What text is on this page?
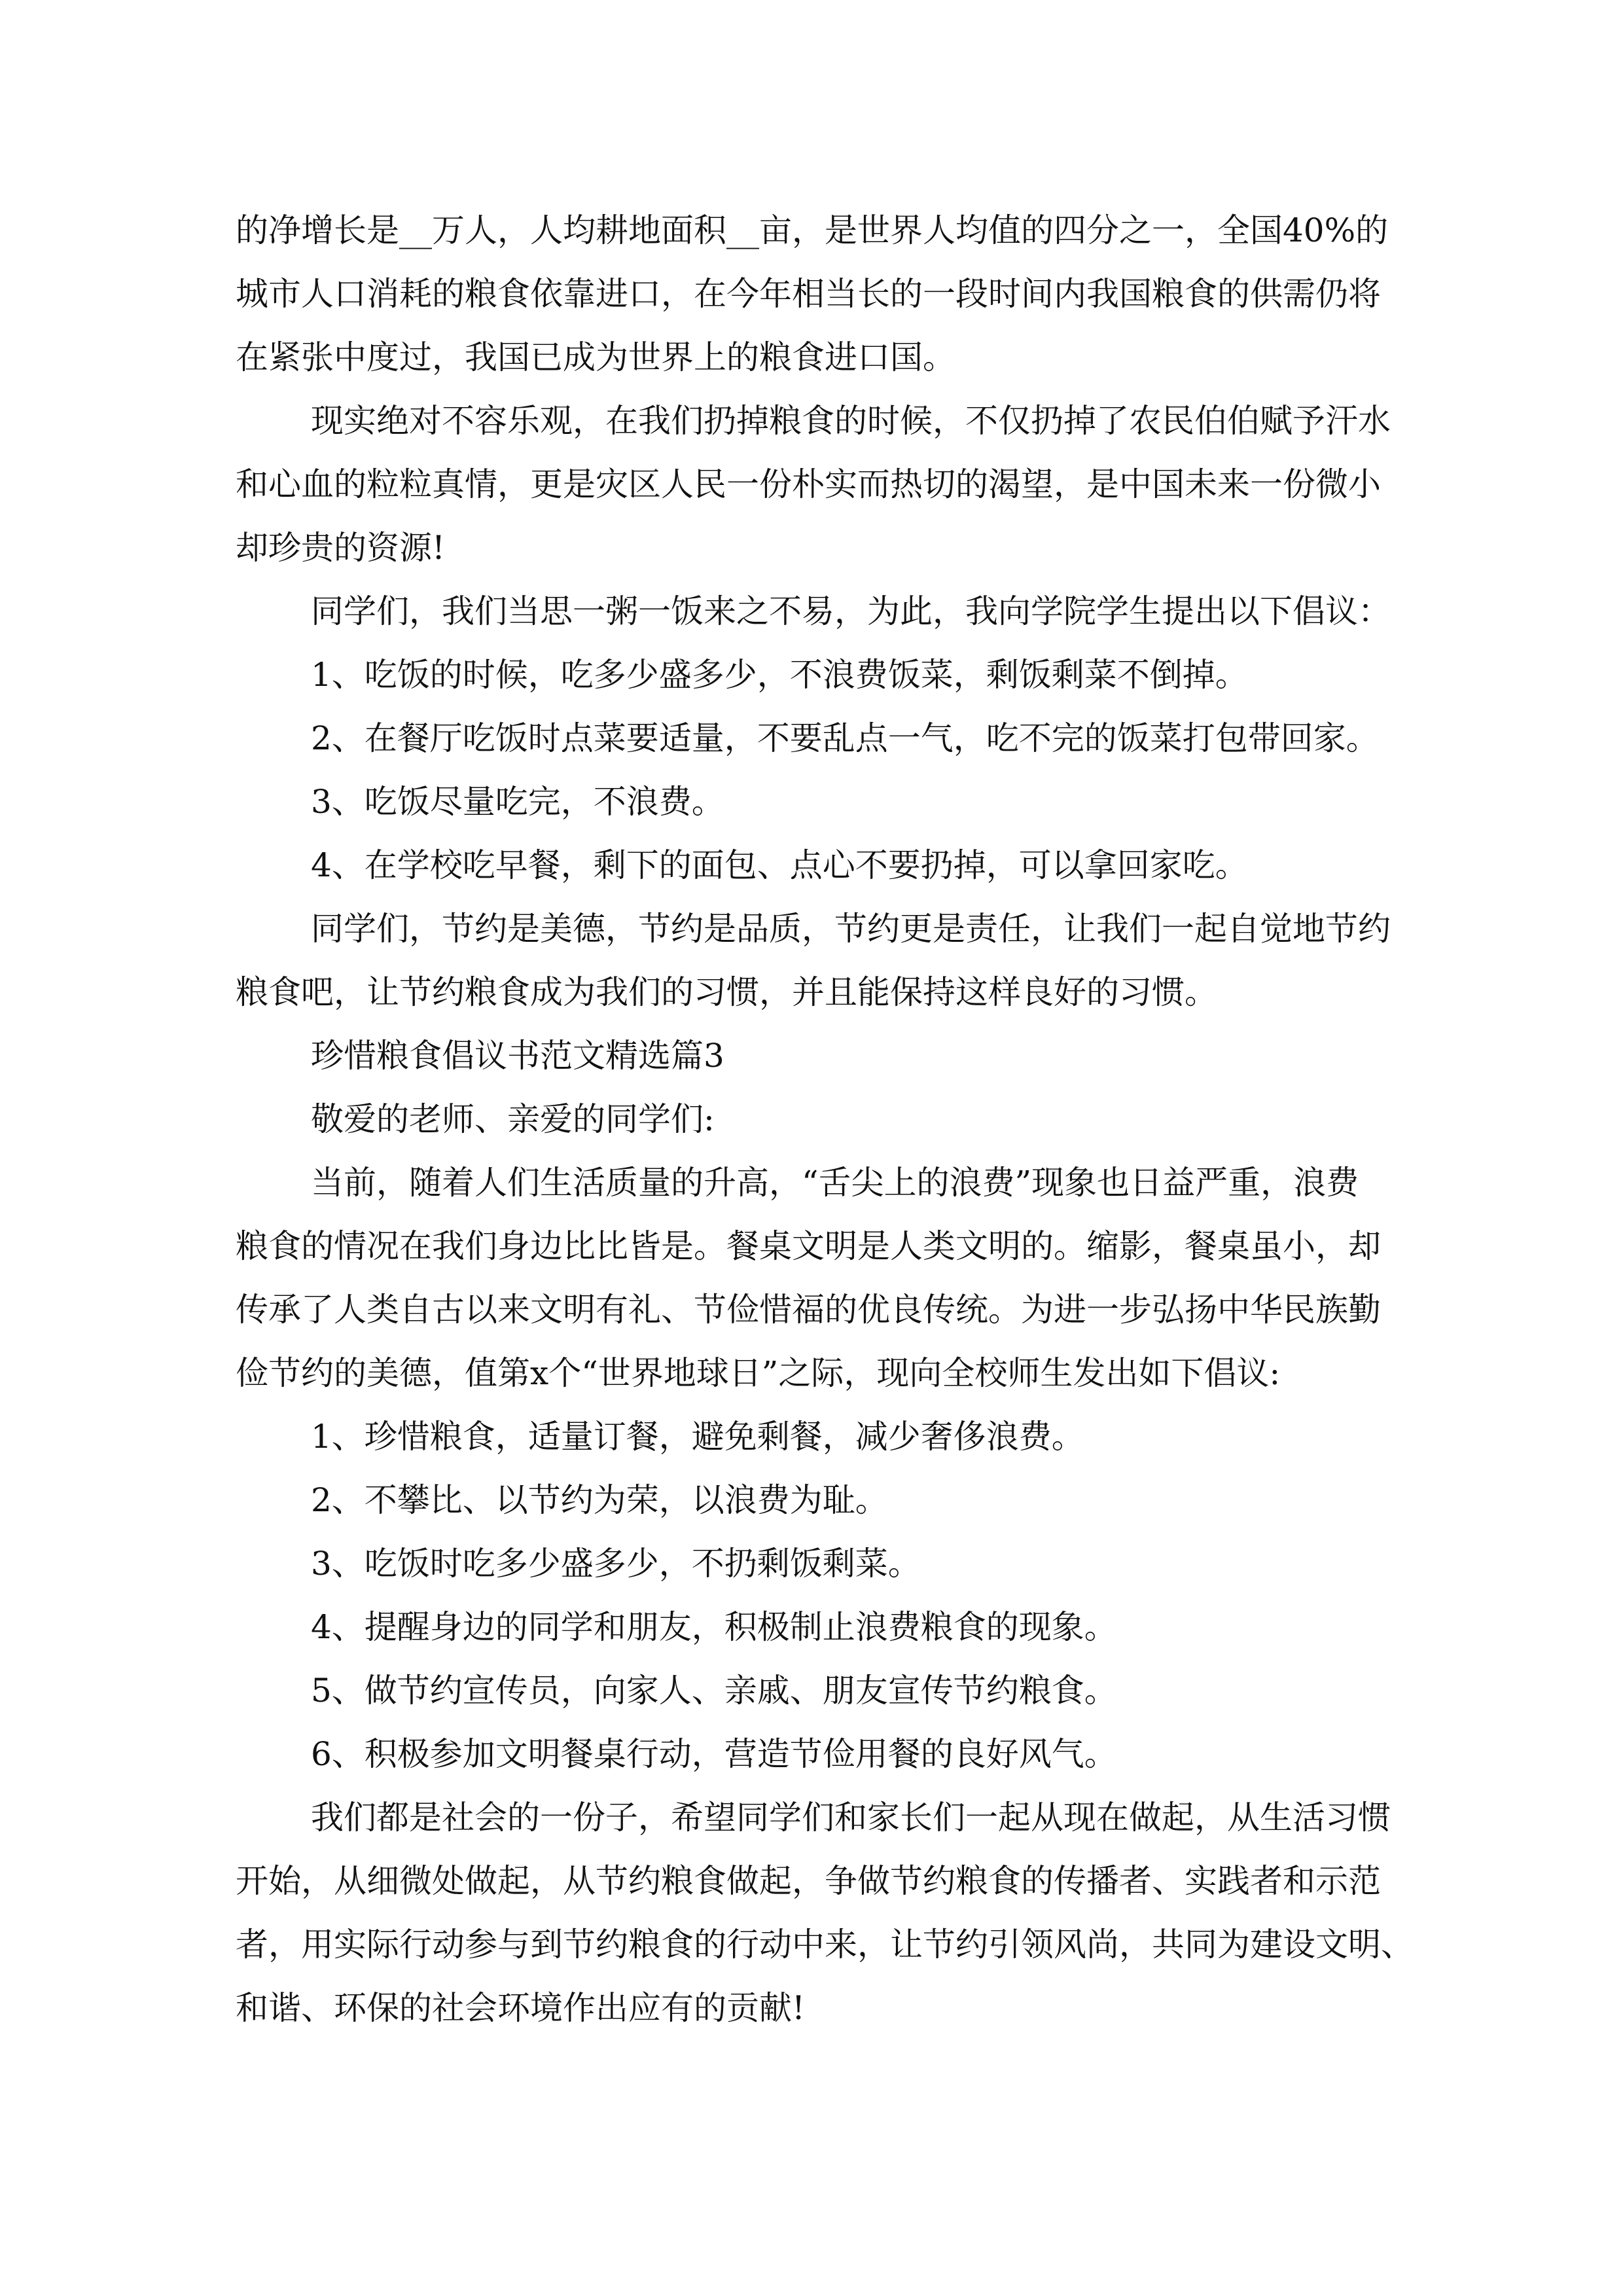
的净增长是__万人，人均耕地面积__亩，是世界人均值的四分之一，全国40%的

城市人口消耗的粮食依靠进口，在今年相当长的一段时间内我国粮食的供需仍将

在紧张中度过，我国已成为世界上的粮食进口国。

现实绝对不容乐观，在我们扔掉粮食的时候，不仅扔掉了农民伯伯赋予汗水

和心血的粒粒真情，更是灾区人民一份朴实而热切的渴望，是中国未来一份微小

却珍贵的资源!

同学们，我们当思一粥一饭来之不易，为此，我向学院学生提出以下倡议：

1、吃饭的时候，吃多少盛多少，不浪费饭菜，剩饭剩菜不倒掉。

2、在餐厅吃饭时点菜要适量，不要乱点一气，吃不完的饭菜打包带回家。

3、吃饭尽量吃完，不浪费。

4、在学校吃早餐，剩下的面包、点心不要扔掉，可以拿回家吃。

同学们，节约是美德，节约是品质，节约更是责任，让我们一起自觉地节约

粮食吧，让节约粮食成为我们的习惯，并且能保持这样良好的习惯。

珍惜粮食倡议书范文精选篇3

敬爱的老师、亲爱的同学们:

当前，随着人们生活质量的升高，“舌尖上的浪费”现象也日益严重，浪费

粮食的情况在我们身边比比皆是。餐桌文明是人类文明的。缩影，餐桌虽小，却

传承了人类自古以来文明有礼、节俭惜福的优良传统。为进一步弘扬中华民族勤

俭节约的美德，值第x个“世界地球日”之际，现向全校师生发出如下倡议:

1、珍惜粮食，适量订餐，避免剩餐，减少奢侈浪费。

2、不攀比、以节约为荣，以浪费为耻。

3、吃饭时吃多少盛多少，不扔剩饭剩菜。

4、提醒身边的同学和朋友，积极制止浪费粮食的现象。

5、做节约宣传员，向家人、亲戚、朋友宣传节约粮食。

6、积极参加文明餐桌行动，营造节俭用餐的良好风气。

我们都是社会的一份子，希望同学们和家长们一起从现在做起，从生活习惯

开始，从细微处做起，从节约粮食做起，争做节约粮食的传播者、实践者和示范

者，用实际行动参与到节约粮食的行动中来，让节约引领风尚，共同为建设文明、

和谐、环保的社会环境作出应有的贡献!
